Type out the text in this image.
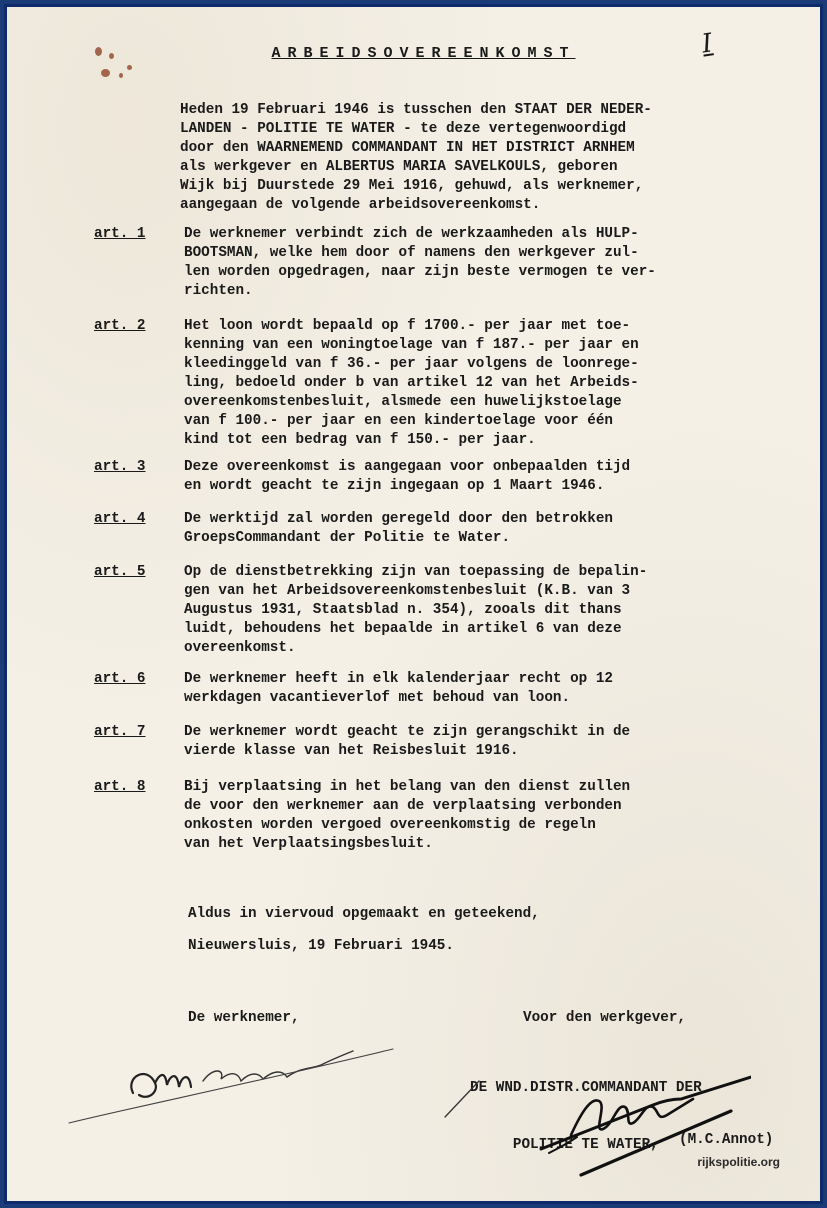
ARBEIDSOVEREENKOMST	I
Heden 19 Februari 1946 is tusschen den STAAT DER NEDER-
LANDEN - POLITIE TE WATER - te deze vertegenwoordigd
door den WAARNEMEND COMMANDANT IN HET DISTRICT ARNHEM
als werkgever en ALBERTUS MARIA SAVELKOULS, geboren
Wijk bij Duurstede 29 Mei 1916, gehuwd, als werknemer,
aangegaan de volgende arbeidsovereenkomst.
art. 1	De werknemer verbindt zich de werkzaamheden als HULP-
BOOTSMAN, welke hem door of namens den werkgever zul-
len worden opgedragen, naar zijn beste vermogen te ver-
richten.
art. 2	Het loon wordt bepaald op f 1700.- per jaar met toe-
kenning van een woningtoelage van f 187.- per jaar en
kleedinggeld van f 36.- per jaar volgens de loonrege-
ling, bedoeld onder b van artikel 12 van het Arbeids-
overeenkomstenbesluit, alsmede een huwelijkstoelage
van f 100.- per jaar en een kindertoelage voor één
kind tot een bedrag van f 150.- per jaar.
art. 3	Deze overeenkomst is aangegaan voor onbepaalden tijd
en wordt geacht te zijn ingegaan op 1 Maart 1946.
art. 4	De werktijd zal worden geregeld door den betrokken
GroepsCommandant der Politie te Water.
art. 5	Op de dienstbetrekking zijn van toepassing de bepalin-
gen van het Arbeidsovereenkomstenbesluit (K.B. van 3
Augustus 1931, Staatsblad n. 354), zooals dit thans
luidt, behoudens het bepaalde in artikel 6 van deze
overeenkomst.
art. 6	De werknemer heeft in elk kalenderjaar recht op 12
werkdagen vacantieverlof met behoud van loon.
art. 7	De werknemer wordt geacht te zijn gerangschikt in de
vierde klasse van het Reisbesluit 1916.
art. 8	Bij verplaatsing in het belang van den dienst zullen
de voor den werknemer aan de verplaatsing verbonden
onkosten worden vergoed overeenkomstig de regeln
van het Verplaatsingsbesluit.
Aldus in viervoud opgemaakt en geteekend,
Nieuwersluis, 19 Februari 1945.
De werknemer,	Voor den werkgever,

DE WND.DISTR.COMMANDANT DER

POLITIE TE WATER,

	(M.C.Annot)
rijkspolitie.org
